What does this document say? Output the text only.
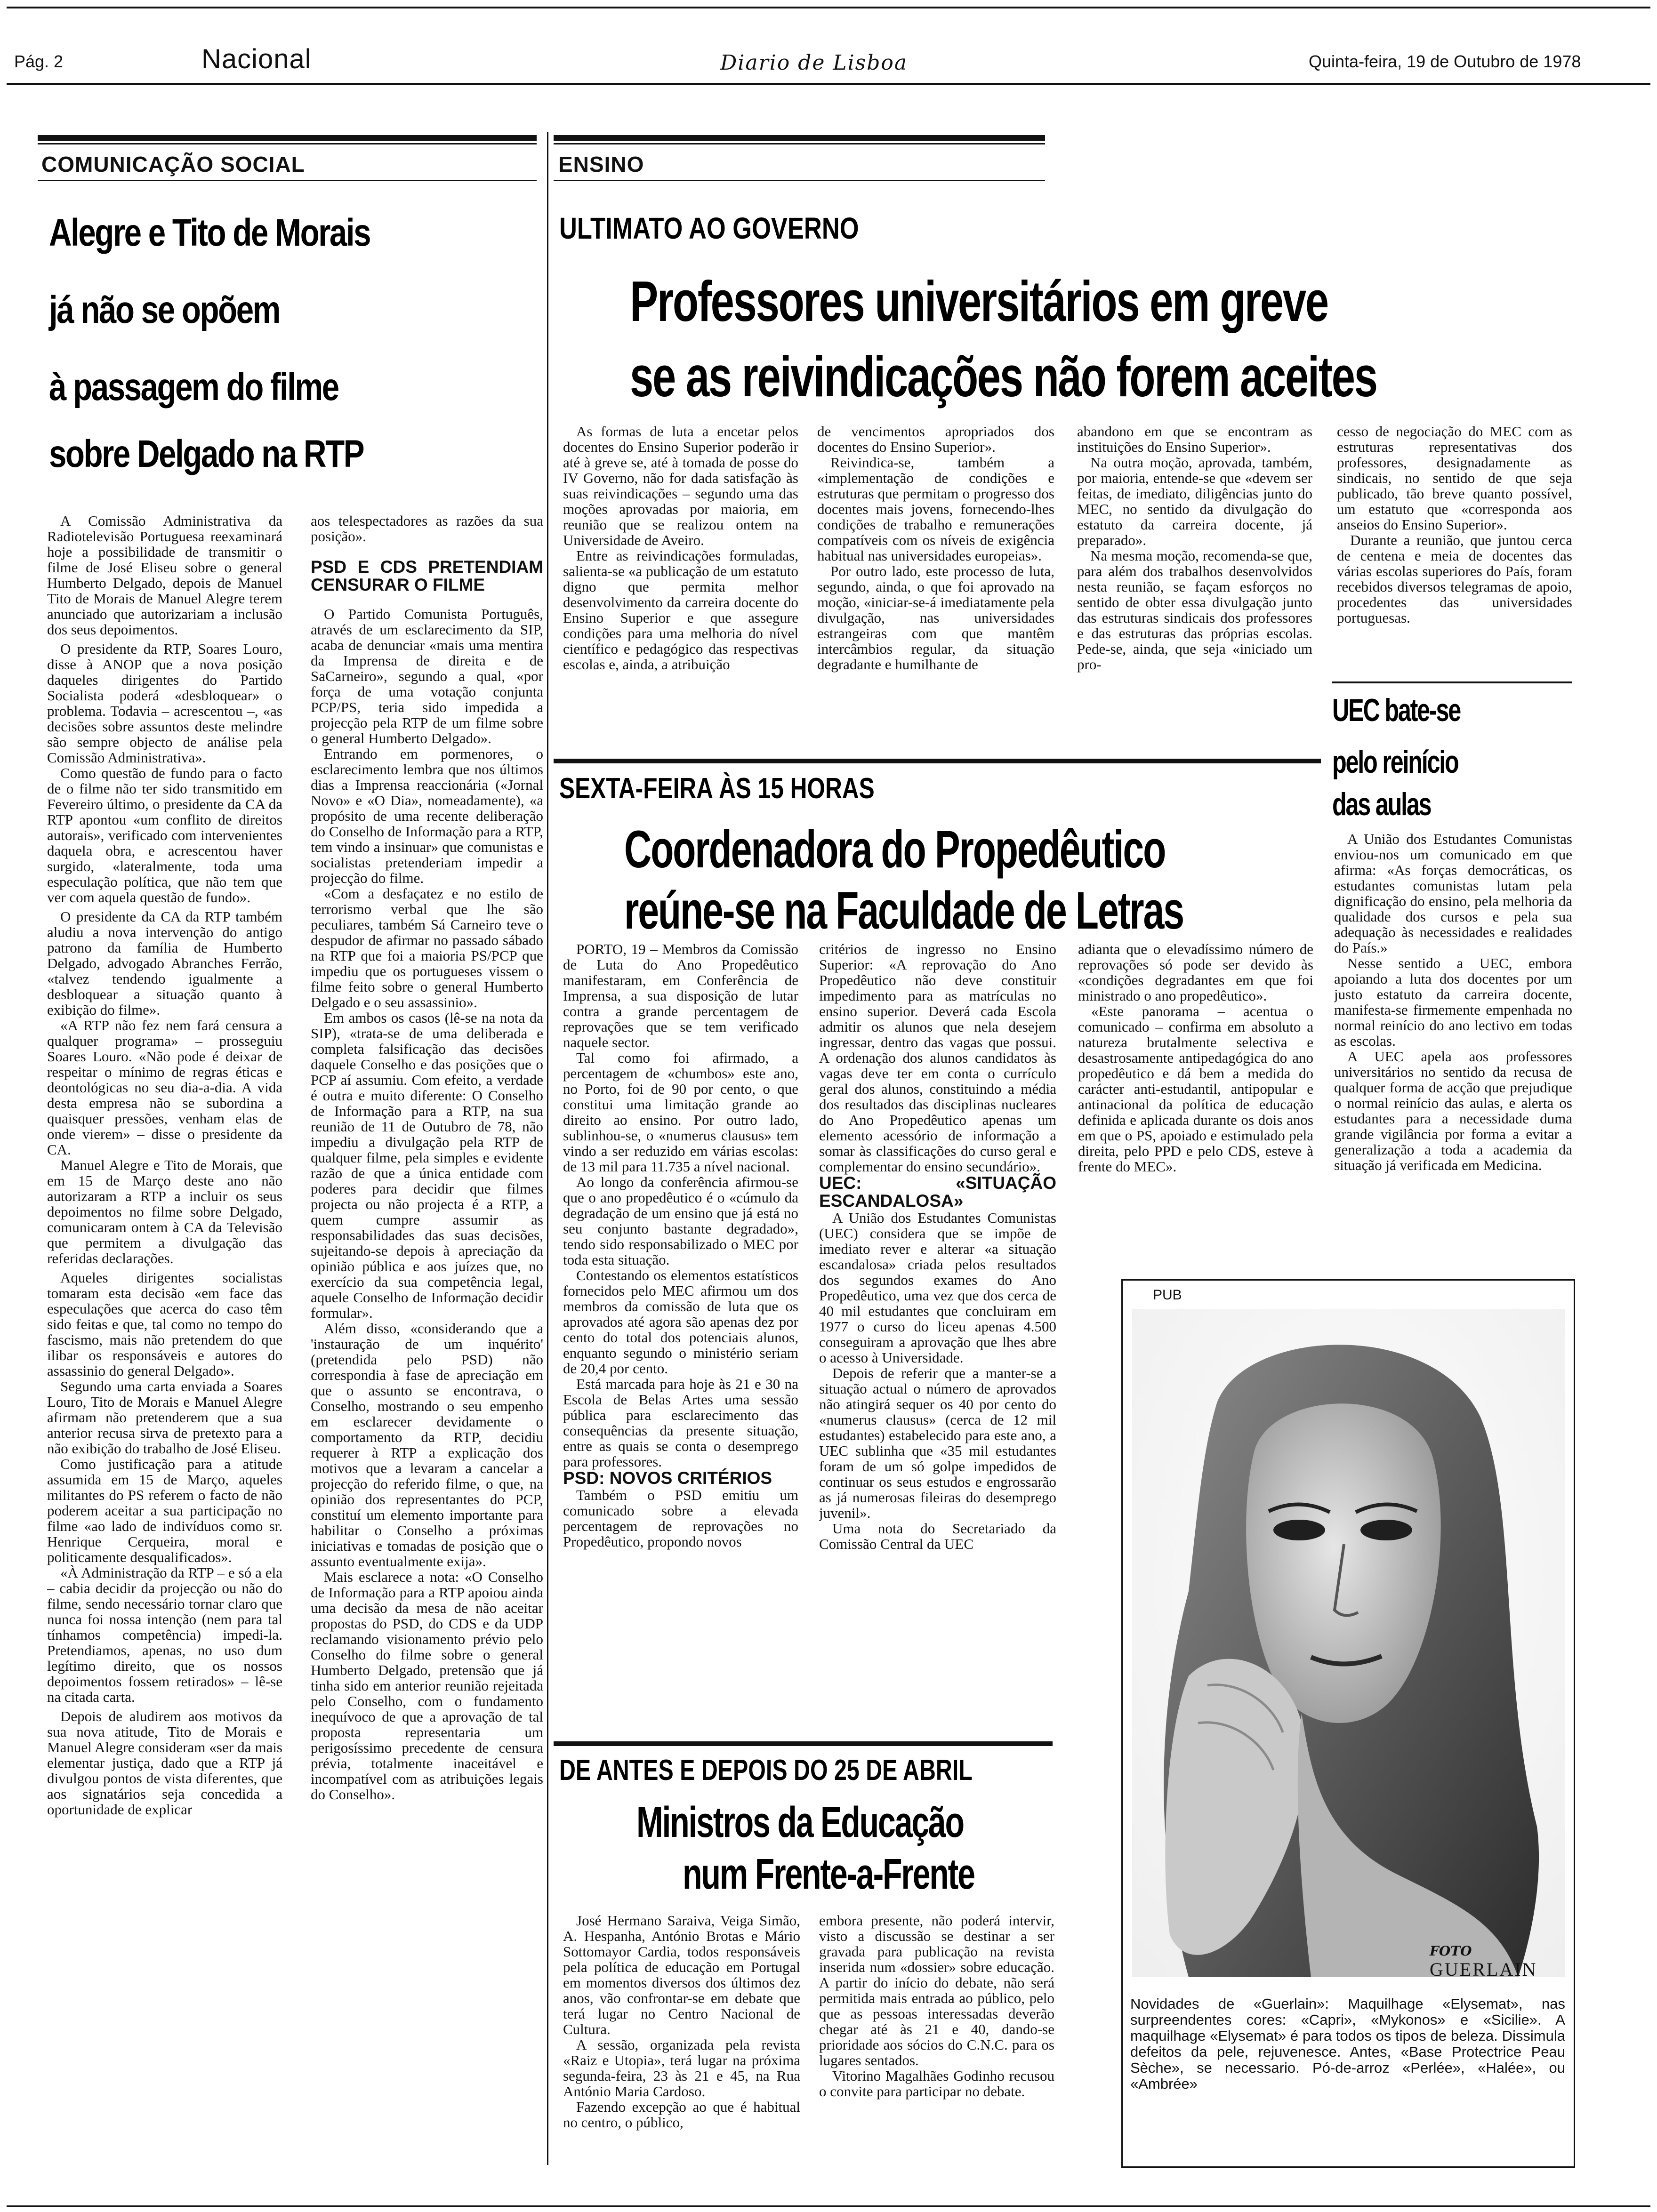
Pág. 2	Nacional	Diario de Lisboa	Quinta-feira, 19 de Outubro de 1978
COMUNICAÇÃO SOCIAL
Alegre e Tito de Morais
já não se opõem
à passagem do filme
sobre Delgado na RTP

A Comissão Administrativa da Radiotelevisão Portuguesa reexaminará hoje a possibilidade de transmitir o filme de José Eliseu sobre o general Humberto Delgado, depois de Manuel Tito de Morais de Manuel Alegre terem anunciado que autorizariam a inclusão dos seus depoimentos.

O presidente da RTP, Soares Louro, disse à ANOP que a nova posição daqueles dirigentes do Partido Socialista poderá «desbloquear» o problema. Todavia – acrescentou –, «as decisões sobre assuntos deste melindre são sempre objecto de análise pela Comissão Administrativa».

Como questão de fundo para o facto de o filme não ter sido transmitido em Fevereiro último, o presidente da CA da RTP apontou «um conflito de direitos autorais», verificado com intervenientes daquela obra, e acrescentou haver surgido, «lateralmente, toda uma especulação política, que não tem que ver com aquela questão de fundo».

O presidente da CA da RTP também aludiu a nova intervenção do antigo patrono da família de Humberto Delgado, advogado Abranches Ferrão, «talvez tendendo igualmente a desbloquear a situação quanto à exibição do filme».

«A RTP não fez nem fará censura a qualquer programa» – prosseguiu Soares Louro. «Não pode é deixar de respeitar o mínimo de regras éticas e deontológicas no seu dia-a-dia. A vida desta empresa não se subordina a quaisquer pressões, venham elas de onde vierem» – disse o presidente da CA.

Manuel Alegre e Tito de Morais, que em 15 de Março deste ano não autorizaram a RTP a incluir os seus depoimentos no filme sobre Delgado, comunicaram ontem à CA da Televisão que permitem a divulgação das referidas declarações.

Aqueles dirigentes socialistas tomaram esta decisão «em face das especulações que acerca do caso têm sido feitas e que, tal como no tempo do fascismo, mais não pretendem do que ilibar os responsáveis e autores do assassinio do general Delgado».

Segundo uma carta enviada a Soares Louro, Tito de Morais e Manuel Alegre afirmam não pretenderem que a sua anterior recusa sirva de pretexto para a não exibição do trabalho de José Eliseu.

Como justificação para a atitude assumida em 15 de Março, aqueles militantes do PS referem o facto de não poderem aceitar a sua participação no filme «ao lado de indivíduos como sr. Henrique Cerqueira, moral e politicamente desqualificados».

«À Administração da RTP – e só a ela – cabia decidir da projecção ou não do filme, sendo necessário tornar claro que nunca foi nossa intenção (nem para tal tínhamos competência) impedi-la. Pretendiamos, apenas, no uso dum legítimo direito, que os nossos depoimentos fossem retirados» – lê-se na citada carta.

Depois de aludirem aos motivos da sua nova atitude, Tito de Morais e Manuel Alegre consideram «ser da mais elementar justiça, dado que a RTP já divulgou pontos de vista diferentes, que aos signatários seja concedida a oportunidade de explicar

aos telespectadores as razões da sua posição».

PSD E CDS PRETENDIAM CENSURAR O FILME

O Partido Comunista Português, através de um esclarecimento da SIP, acaba de denunciar «mais uma mentira da Imprensa de direita e de SaCarneiro», segundo a qual, «por força de uma votação conjunta PCP/PS, teria sido impedida a projecção pela RTP de um filme sobre o general Humberto Delgado».

Entrando em pormenores, o esclarecimento lembra que nos últimos dias a Imprensa reaccionária («Jornal Novo» e «O Dia», nomeadamente), «a propósito de uma recente deliberação do Conselho de Informação para a RTP, tem vindo a insinuar» que comunistas e socialistas pretenderiam impedir a projecção do filme.

«Com a desfaçatez e no estilo de terrorismo verbal que lhe são peculiares, também Sá Carneiro teve o despudor de afirmar no passado sábado na RTP que foi a maioria PS/PCP que impediu que os portugueses vissem o filme feito sobre o general Humberto Delgado e o seu assassinio».

Em ambos os casos (lê-se na nota da SIP), «trata-se de uma deliberada e completa falsificação das decisões daquele Conselho e das posições que o PCP aí assumiu. Com efeito, a verdade é outra e muito diferente: O Conselho de Informação para a RTP, na sua reunião de 11 de Outubro de 78, não impediu a divulgação pela RTP de qualquer filme, pela simples e evidente razão de que a única entidade com poderes para decidir que filmes projecta ou não projecta é a RTP, a quem cumpre assumir as responsabilidades das suas decisões, sujeitando-se depois à apreciação da opinião pública e aos juízes que, no exercício da sua competência legal, aquele Conselho de Informação decidir formular».

Além disso, «considerando que a 'instauração de um inquérito' (pretendida pelo PSD) não correspondia à fase de apreciação em que o assunto se encontrava, o Conselho, mostrando o seu empenho em esclarecer devidamente o comportamento da RTP, decidiu requerer à RTP a explicação dos motivos que a levaram a cancelar a projecção do referido filme, o que, na opinião dos representantes do PCP, constituí um elemento importante para habilitar o Conselho a próximas iniciativas e tomadas de posição que o assunto eventualmente exija».

Mais esclarece a nota: «O Conselho de Informação para a RTP apoiou ainda uma decisão da mesa de não aceitar propostas do PSD, do CDS e da UDP reclamando visionamento prévio pelo Conselho do filme sobre o general Humberto Delgado, pretensão que já tinha sido em anterior reunião rejeitada pelo Conselho, com o fundamento inequívoco de que a aprovação de tal proposta representaria um perigosíssimo precedente de censura prévia, totalmente inaceitável e incompatível com as atribuições legais do Conselho».

ENSINO
ULTIMATO AO GOVERNO
Professores universitários em greve
se as reivindicações não forem aceites

As formas de luta a encetar pelos docentes do Ensino Superior poderão ir até à greve se, até à tomada de posse do IV Governo, não for dada satisfação às suas reivindicações – segundo uma das moções aprovadas por maioria, em reunião que se realizou ontem na Universidade de Aveiro.

Entre as reivindicações formuladas, salienta-se «a publicação de um estatuto digno que permita melhor desenvolvimento da carreira docente do Ensino Superior e que assegure condições para uma melhoria do nível científico e pedagógico das respectivas escolas e, ainda, a atribuição

de vencimentos apropriados dos docentes do Ensino Superior».

Reivindica-se, também a «implementação de condições e estruturas que permitam o progresso dos docentes mais jovens, fornecendo-lhes condições de trabalho e remunerações compatíveis com os níveis de exigência habitual nas universidades europeias».

Por outro lado, este processo de luta, segundo, ainda, o que foi aprovado na moção, «iniciar-se-á imediatamente pela divulgação, nas universidades estrangeiras com que mantêm intercâmbios regular, da situação degradante e humilhante de

abandono em que se encontram as instituições do Ensino Superior».

Na outra moção, aprovada, também, por maioria, entende-se que «devem ser feitas, de imediato, diligências junto do MEC, no sentido da divulgação do estatuto da carreira docente, já preparado».

Na mesma moção, recomenda-se que, para além dos trabalhos desenvolvidos nesta reunião, se façam esforços no sentido de obter essa divulgação junto das estruturas sindicais dos professores e das estruturas das próprias escolas. Pede-se, ainda, que seja «iniciado um pro-

cesso de negociação do MEC com as estruturas representativas dos professores, designadamente as sindicais, no sentido de que seja publicado, tão breve quanto possível, um estatuto que «corresponda aos anseios do Ensino Superior».

Durante a reunião, que juntou cerca de centena e meia de docentes das várias escolas superiores do País, foram recebidos diversos telegramas de apoio, procedentes das universidades portuguesas.

UEC bate-se
pelo reinício
das aulas

A União dos Estudantes Comunistas enviou-nos um comunicado em que afirma: «As forças democráticas, os estudantes comunistas lutam pela dignificação do ensino, pela melhoria da qualidade dos cursos e pela sua adequação às necessidades e realidades do País.»

Nesse sentido a UEC, embora apoiando a luta dos docentes por um justo estatuto da carreira docente, manifesta-se firmemente empenhada no normal reinício do ano lectivo em todas as escolas.

A UEC apela aos professores universitários no sentido da recusa de qualquer forma de acção que prejudique o normal reinício das aulas, e alerta os estudantes para a necessidade duma grande vigilância por forma a evitar a generalização a toda a academia da situação já verificada em Medicina.

SEXTA-FEIRA ÀS 15 HORAS
Coordenadora do Propedêutico
reúne-se na Faculdade de Letras

PORTO, 19 – Membros da Comissão de Luta do Ano Propedêutico manifestaram, em Conferência de Imprensa, a sua disposição de lutar contra a grande percentagem de reprovações que se tem verificado naquele sector.

Tal como foi afirmado, a percentagem de «chumbos» este ano, no Porto, foi de 90 por cento, o que constitui uma limitação grande ao direito ao ensino. Por outro lado, sublinhou-se, o «numerus clausus» tem vindo a ser reduzido em várias escolas: de 13 mil para 11.735 a nível nacional.

Ao longo da conferência afirmou-se que o ano propedêutico é o «cúmulo da degradação de um ensino que já está no seu conjunto bastante degradado», tendo sido responsabilizado o MEC por toda esta situação.

Contestando os elementos estatísticos fornecidos pelo MEC afirmou um dos membros da comissão de luta que os aprovados até agora são apenas dez por cento do total dos potenciais alunos, enquanto segundo o ministério seriam de 20,4 por cento.

Está marcada para hoje às 21 e 30 na Escola de Belas Artes uma sessão pública para esclarecimento das consequências da presente situação, entre as quais se conta o desemprego para professores.

PSD: NOVOS CRITÉRIOS

Também o PSD emitiu um comunicado sobre a elevada percentagem de reprovações no Propedêutico, propondo novos

critérios de ingresso no Ensino Superior: «A reprovação do Ano Propedêutico não deve constituir impedimento para as matrículas no ensino superior. Deverá cada Escola admitir os alunos que nela desejem ingressar, dentro das vagas que possui. A ordenação dos alunos candidatos às vagas deve ter em conta o currículo geral dos alunos, constituindo a média dos resultados das disciplinas nucleares do Ano Propedêutico apenas um elemento acessório de informação a somar às classificações do curso geral e complementar do ensino secundário».

UEC: «SITUAÇÃO ESCANDALOSA»

A União dos Estudantes Comunistas (UEC) considera que se impõe de imediato rever e alterar «a situação escandalosa» criada pelos resultados dos segundos exames do Ano Propedêutico, uma vez que dos cerca de 40 mil estudantes que concluiram em 1977 o curso do liceu apenas 4.500 conseguiram a aprovação que lhes abre o acesso à Universidade.

Depois de referir que a manter-se a situação actual o número de aprovados não atingirá sequer os 40 por cento do «numerus clausus» (cerca de 12 mil estudantes) estabelecido para este ano, a UEC sublinha que «35 mil estudantes foram de um só golpe impedidos de continuar os seus estudos e engrossarão as já numerosas fileiras do desemprego juvenil».

Uma nota do Secretariado da Comissão Central da UEC

adianta que o elevadíssimo número de reprovações só pode ser devido às «condições degradantes em que foi ministrado o ano propedêutico».

«Este panorama – acentua o comunicado – confirma em absoluto a natureza brutalmente selectiva e desastrosamente antipedagógica do ano propedêutico e dá bem a medida do carácter anti-estudantil, antipopular e antinacional da política de educação definida e aplicada durante os dois anos em que o PS, apoiado e estimulado pela direita, pelo PPD e pelo CDS, esteve à frente do MEC».

DE ANTES E DEPOIS DO 25 DE ABRIL
Ministros da Educação
num Frente-a-Frente

José Hermano Saraiva, Veiga Simão, A. Hespanha, António Brotas e Mário Sottomayor Cardia, todos responsáveis pela política de educação em Portugal em momentos diversos dos últimos dez anos, vão confrontar-se em debate que terá lugar no Centro Nacional de Cultura.

A sessão, organizada pela revista «Raiz e Utopia», terá lugar na próxima segunda-feira, 23 às 21 e 45, na Rua António Maria Cardoso.

Fazendo excepção ao que é habitual no centro, o público,

embora presente, não poderá intervir, visto a discussão se destinar a ser gravada para publicação na revista inserida num «dossier» sobre educação. A partir do início do debate, não será permitida mais entrada ao público, pelo que as pessoas interessadas deverão chegar até às 21 e 40, dando-se prioridade aos sócios do C.N.C. para os lugares sentados.

Vitorino Magalhães Godinho recusou o convite para participar no debate.

PUB
FOTO
GUERLAIN
Novidades de «Guerlain»: Maquilhage «Elysemat», nas surpreendentes cores: «Capri», «Mykonos» e «Sicilie». A maquilhage «Elysemat» é para todos os tipos de beleza. Dissimula defeitos da pele, rejuvenesce. Antes, «Base Protectrice Peau Sèche», se necessario. Pó-de-arroz «Perlée», «Halée», ou «Ambrée»
